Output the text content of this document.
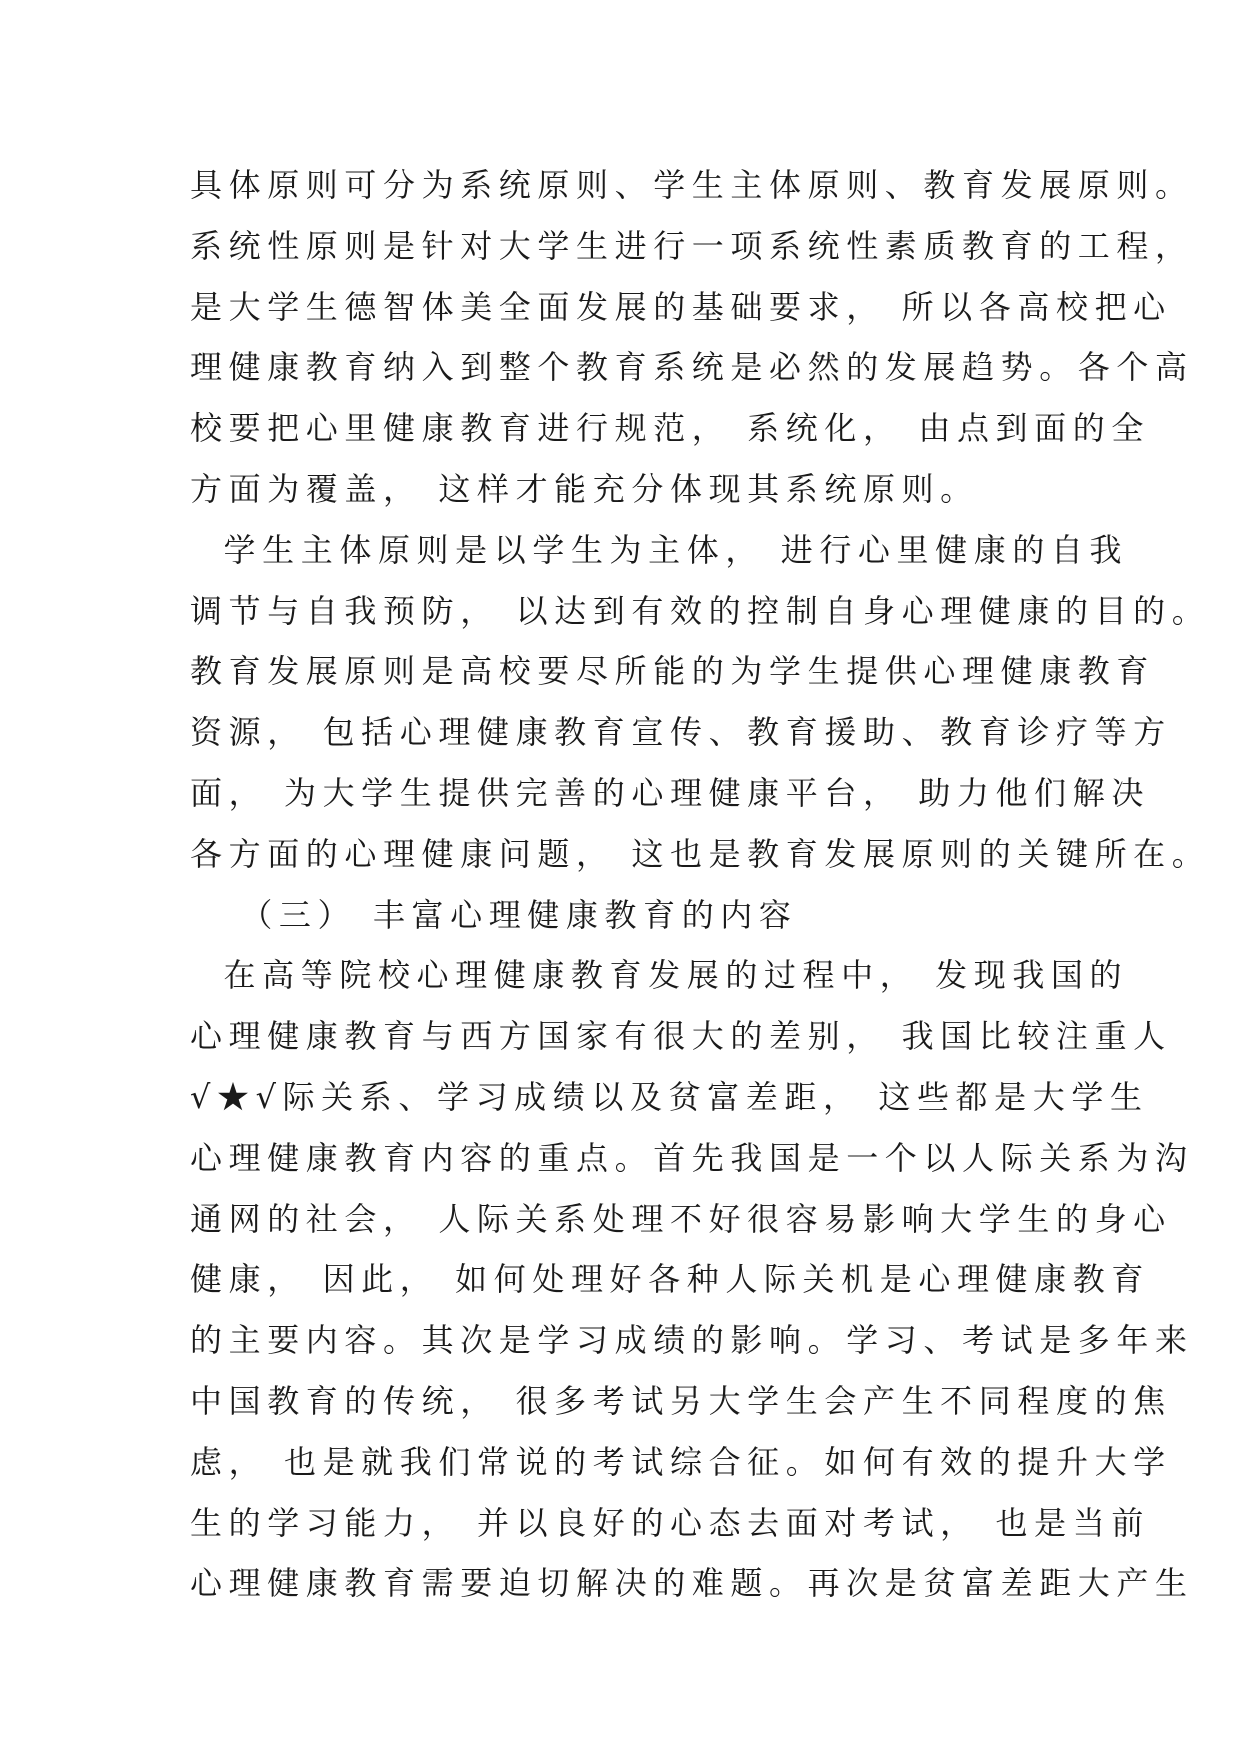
具体原则可分为系统原则、学生主体原则、教育发展原则。
系统性原则是针对大学生进行一项系统性素质教育的工程，
是大学生德智体美全面发展的基础要求， 所以各高校把心
理健康教育纳入到整个教育系统是必然的发展趋势。各个高
校要把心里健康教育进行规范， 系统化， 由点到面的全
方面为覆盖， 这样才能充分体现其系统原则。
学生主体原则是以学生为主体， 进行心里健康的自我
调节与自我预防， 以达到有效的控制自身心理健康的目的。
教育发展原则是高校要尽所能的为学生提供心理健康教育
资源， 包括心理健康教育宣传、教育援助、教育诊疗等方
面， 为大学生提供完善的心理健康平台， 助力他们解决
各方面的心理健康问题， 这也是教育发展原则的关键所在。
（三） 丰富心理健康教育的内容
在高等院校心理健康教育发展的过程中， 发现我国的
心理健康教育与西方国家有很大的差别， 我国比较注重人
√★√际关系、学习成绩以及贫富差距， 这些都是大学生
心理健康教育内容的重点。首先我国是一个以人际关系为沟
通网的社会， 人际关系处理不好很容易影响大学生的身心
健康， 因此， 如何处理好各种人际关机是心理健康教育
的主要内容。其次是学习成绩的影响。学习、考试是多年来
中国教育的传统， 很多考试另大学生会产生不同程度的焦
虑， 也是就我们常说的考试综合征。如何有效的提升大学
生的学习能力， 并以良好的心态去面对考试， 也是当前
心理健康教育需要迫切解决的难题。再次是贫富差距大产生
